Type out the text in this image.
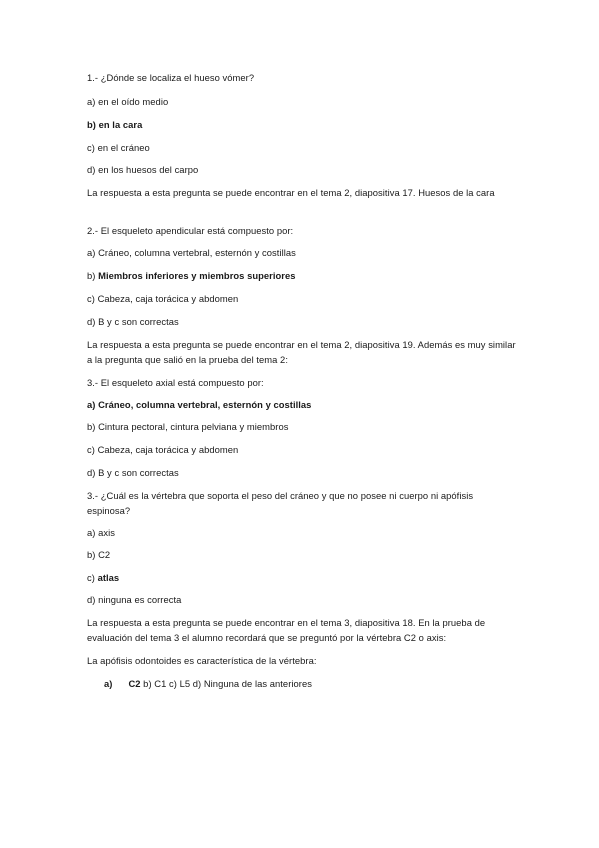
1.- ¿Dónde se localiza el hueso vómer?
a) en el oído medio
b) en la cara
c) en el cráneo
d) en los huesos del carpo
La respuesta a esta pregunta se puede encontrar en el tema 2, diapositiva 17. Huesos de la cara
2.- El esqueleto apendicular está compuesto por:
a) Cráneo, columna vertebral, esternón y costillas
b) Miembros inferiores y miembros superiores
c) Cabeza, caja torácica y abdomen
d) B y c son correctas
La respuesta a esta pregunta se puede encontrar en el tema 2, diapositiva 19. Además es muy similar a la pregunta que salió en la prueba del tema 2:
3.- El esqueleto axial está compuesto por:
a) Cráneo, columna vertebral, esternón y costillas
b) Cintura pectoral, cintura pelviana y miembros
c) Cabeza, caja torácica y abdomen
d) B y c son correctas
3.- ¿Cuál es la vértebra que soporta el peso del cráneo y que no posee ni cuerpo ni apófisis espinosa?
a) axis
b) C2
c) atlas
d) ninguna es correcta
La respuesta a esta pregunta se puede encontrar en el tema 3, diapositiva 18. En la prueba de evaluación del tema 3 el alumno recordará que se preguntó por la vértebra C2 o axis:
La apófisis odontoides es característica de la vértebra:
a) C2 b) C1 c) L5 d) Ninguna de las anteriores
